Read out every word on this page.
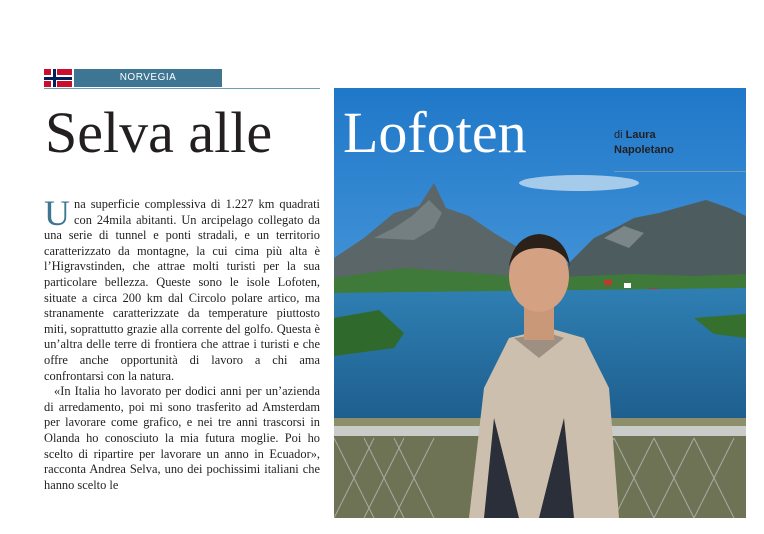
NORVEGIA
Selva alle Lofoten	di Laura
Napoletano

Una superficie complessiva di 1.227 km quadrati con 24mila abitanti. Un arcipelago collegato da una serie di tunnel e ponti stradali, e un territorio caratterizzato da montagne, la cui cima più alta è l’Higravstinden, che attrae molti turisti per la sua particolare bellezza. Queste sono le isole Lofoten, situate a circa 200 km dal Circolo polare artico, ma stranamente caratterizzate da temperature piuttosto miti, soprattutto grazie alla corrente del golfo. Questa è un’altra delle terre di frontiera che attrae i turisti e che offre anche opportunità di lavoro a chi ama confrontarsi con la natura.

«In Italia ho lavorato per dodici anni per un’azienda di arredamento, poi mi sono trasferito ad Amsterdam per lavorare come grafico, e nei tre anni trascorsi in Olanda ho conosciuto la mia futura moglie. Poi ho scelto di ripartire per lavorare un anno in Ecuador», racconta Andrea Selva, uno dei pochissimi italiani che hanno scelto le
